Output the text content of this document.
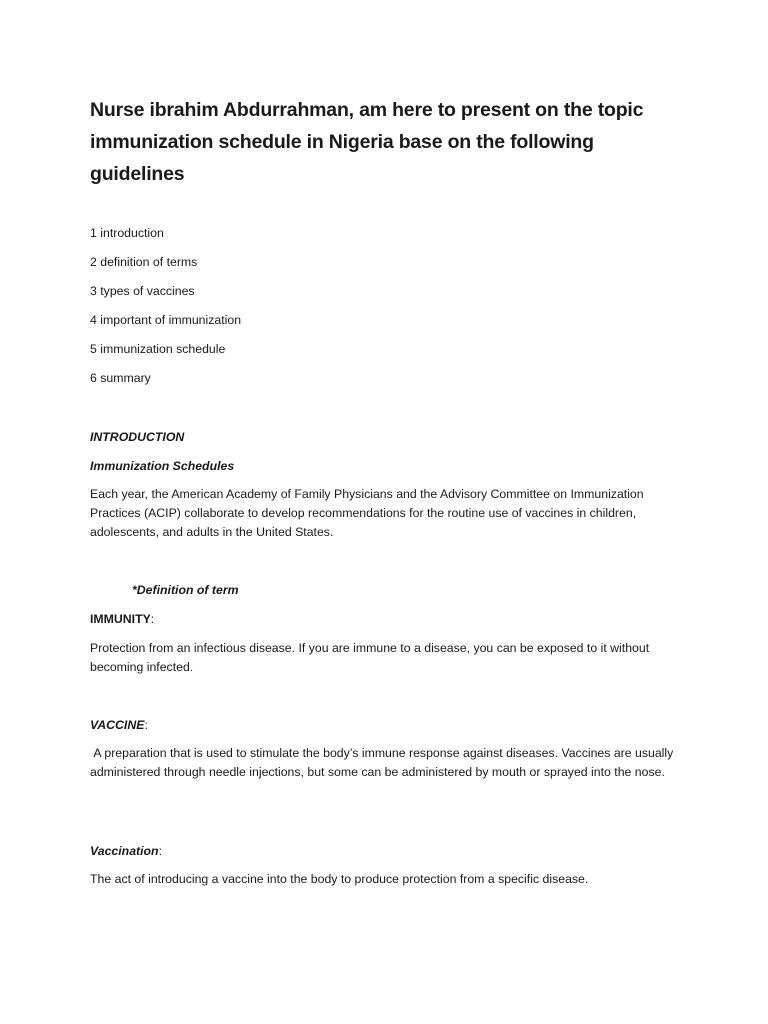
Nurse ibrahim Abdurrahman, am here to present on the topic immunization schedule in Nigeria base on the following guidelines
1 introduction
2 definition of terms
3 types of vaccines
4 important of immunization
5 immunization schedule
6 summary

INTRODUCTION

Immunization Schedules

Each year, the American Academy of Family Physicians and the Advisory Committee on Immunization Practices (ACIP) collaborate to develop recommendations for the routine use of vaccines in children, adolescents, and adults in the United States.

*Definition of term

IMMUNITY:

Protection from an infectious disease. If you are immune to a disease, you can be exposed to it without becoming infected.

VACCINE:

A preparation that is used to stimulate the body’s immune response against diseases. Vaccines are usually administered through needle injections, but some can be administered by mouth or sprayed into the nose.

Vaccination:

The act of introducing a vaccine into the body to produce protection from a specific disease.
